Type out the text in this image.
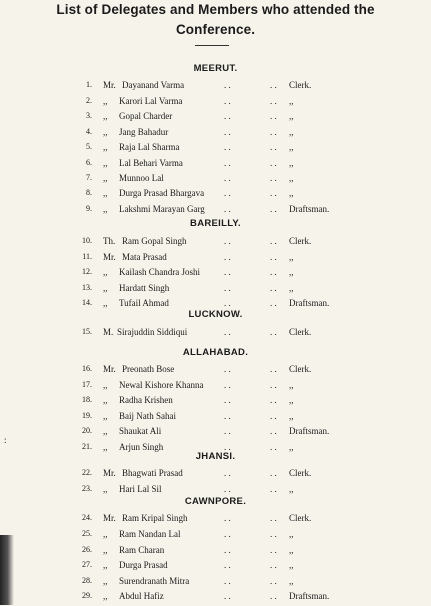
List of Delegates and Members who attended the
Conference.
MEERUT.
1. Mr. Dayanand Varma	. .	. . Clerk.
2. ,,	Karori Lal Varma	. .	. . ,,
3. ,,	Gopal Charder	. .	. . ,,
4. ,,	Jang Bahadur	. .	. . ,,
5. ,,	Raja Lal Sharma	. .	. . ,,
6. ,,	Lal Behari Varma	. .	. . ,,
7. ,,	Munnoo Lal	. .	. . ,,
8. ,,	Durga Prasad Bhargava . .	. . ,,
9. ,,	Lakshmi Marayan Garg . .	. . Draftsman.
BAREILLY.
10. Th. Ram Gopal Singh	. .	. . Clerk.
11. Mr. Mata Prasad	. .	. . ,,
12. ,,	Kailash Chandra Joshi	. .	. . ,,
13. ,,	Hardatt Singh	. .	. . ,,
14. ,,	Tufail Ahmad	. .	. . Draftsman.
LUCKNOW.
15. M. Sirajuddin Siddiqui	. .	. . Clerk.
ALLAHABAD.
16. Mr. Preonath Bose	. .	. . Clerk.
17. ,,	Newal Kishore Khanna . .	. . ,,
18. ,,	Radha Krishen	. .	. . ,,
19. ,,	Baij Nath Sahai	. .	. . ,,
20. ,,	Shaukat Ali	. .	. . Draftsman.
21. ,,	Arjun Singh	. .	. . ,,
JHANSI.
22. Mr. Bhagwati Prasad	. .	. . Clerk.
23. ,,	Hari Lal Sil	. .	. . ,,
CAWNPORE.
24. Mr. Ram Kripal Singh	. .	. . Clerk.
25. ,,	Ram Nandan Lal	. .	. . ,,
26. ,,	Ram Charan	. .	. . ,,
27. ,,	Durga Prasad	. .	. . ,,
28. ,,	Surendranath Mitra	. .	. . ,,
29. ,,	Abdul Hafiz	. .	. . Draftsman.
:
